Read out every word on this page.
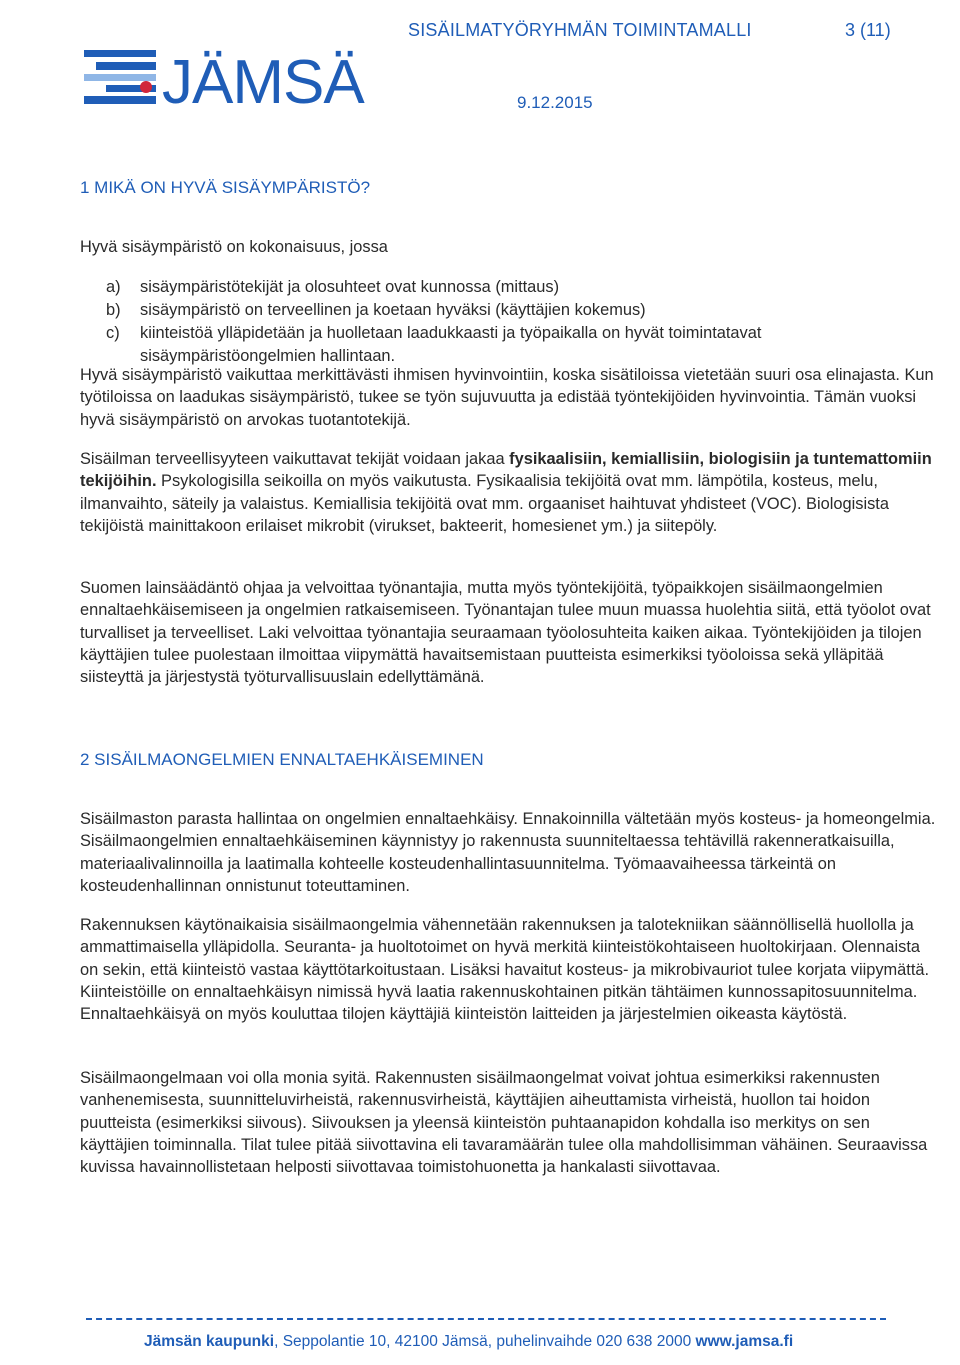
JÄMSÄ
SISÄILMATYÖRYHMÄN TOIMINTAMALLI	3 (11)
9.12.2015
1 MIKÄ ON HYVÄ SISÄYMPÄRISTÖ?

Hyvä sisäympäristö on kokonaisuus, jossa

a)	sisäympäristötekijät ja olosuhteet ovat kunnossa (mittaus)
b)	sisäympäristö on terveellinen ja koetaan hyväksi (käyttäjien kokemus)
c)	kiinteistöä ylläpidetään ja huolletaan laadukkaasti ja työpaikalla on hyvät toimintatavat sisäympäristöongelmien hallintaan.

Hyvä sisäympäristö vaikuttaa merkittävästi ihmisen hyvinvointiin, koska sisätiloissa vietetään suuri osa elinajasta. Kun työtiloissa on laadukas sisäympäristö, tukee se työn sujuvuutta ja edistää työntekijöiden hyvinvointia. Tämän vuoksi hyvä sisäympäristö on arvokas tuotantotekijä.

Sisäilman terveellisyyteen vaikuttavat tekijät voidaan jakaa fysikaalisiin, kemiallisiin, biologisiin ja tuntemattomiin tekijöihin. Psykologisilla seikoilla on myös vaikutusta. Fysikaalisia tekijöitä ovat mm. lämpötila, kosteus, melu, ilmanvaihto, säteily ja valaistus. Kemiallisia tekijöitä ovat mm. orgaaniset haihtuvat yhdisteet (VOC). Biologisista tekijöistä mainittakoon erilaiset mikrobit (virukset, bakteerit, homesienet ym.) ja siitepöly.

Suomen lainsäädäntö ohjaa ja velvoittaa työnantajia, mutta myös työntekijöitä, työpaikkojen sisäilmaongelmien ennaltaehkäisemiseen ja ongelmien ratkaisemiseen. Työnantajan tulee muun muassa huolehtia siitä, että työolot ovat turvalliset ja terveelliset. Laki velvoittaa työnantajia seuraamaan työolosuhteita kaiken aikaa. Työntekijöiden ja tilojen käyttäjien tulee puolestaan ilmoittaa viipymättä havaitsemistaan puutteista esimerkiksi työoloissa sekä ylläpitää siisteyttä ja järjestystä työturvallisuuslain edellyttämänä.

2 SISÄILMAONGELMIEN ENNALTAEHKÄISEMINEN

Sisäilmaston parasta hallintaa on ongelmien ennaltaehkäisy. Ennakoinnilla vältetään myös kosteus- ja homeongelmia. Sisäilmaongelmien ennaltaehkäiseminen käynnistyy jo rakennusta suunniteltaessa tehtävillä rakenneratkaisuilla, materiaalivalinnoilla ja laatimalla kohteelle kosteudenhallintasuunnitelma. Työmaavaiheessa tärkeintä on kosteudenhallinnan onnistunut toteuttaminen.

Rakennuksen käytönaikaisia sisäilmaongelmia vähennetään rakennuksen ja talotekniikan säännöllisellä huollolla ja ammattimaisella ylläpidolla. Seuranta- ja huoltotoimet on hyvä merkitä kiinteistökohtaiseen huoltokirjaan. Olennaista on sekin, että kiinteistö vastaa käyttötarkoitustaan. Lisäksi havaitut kosteus- ja mikrobivauriot tulee korjata viipymättä. Kiinteistöille on ennaltaehkäisyn nimissä hyvä laatia rakennuskohtainen pitkän tähtäimen kunnossapitosuunnitelma. Ennaltaehkäisyä on myös kouluttaa tilojen käyttäjiä kiinteistön laitteiden ja järjestelmien oikeasta käytöstä.

Sisäilmaongelmaan voi olla monia syitä. Rakennusten sisäilmaongelmat voivat johtua esimerkiksi rakennusten vanhenemisesta, suunnitteluvirheistä, rakennusvirheistä, käyttäjien aiheuttamista virheistä, huollon tai hoidon puutteista (esimerkiksi siivous). Siivouksen ja yleensä kiinteistön puhtaanapidon kohdalla iso merkitys on sen käyttäjien toiminnalla. Tilat tulee pitää siivottavina eli tavaramäärän tulee olla mahdollisimman vähäinen. Seuraavissa kuvissa havainnollistetaan helposti siivottavaa toimistohuonetta ja hankalasti siivottavaa.

Jämsän kaupunki, Seppolantie 10, 42100 Jämsä, puhelinvaihde 020 638 2000 www.jamsa.fi
